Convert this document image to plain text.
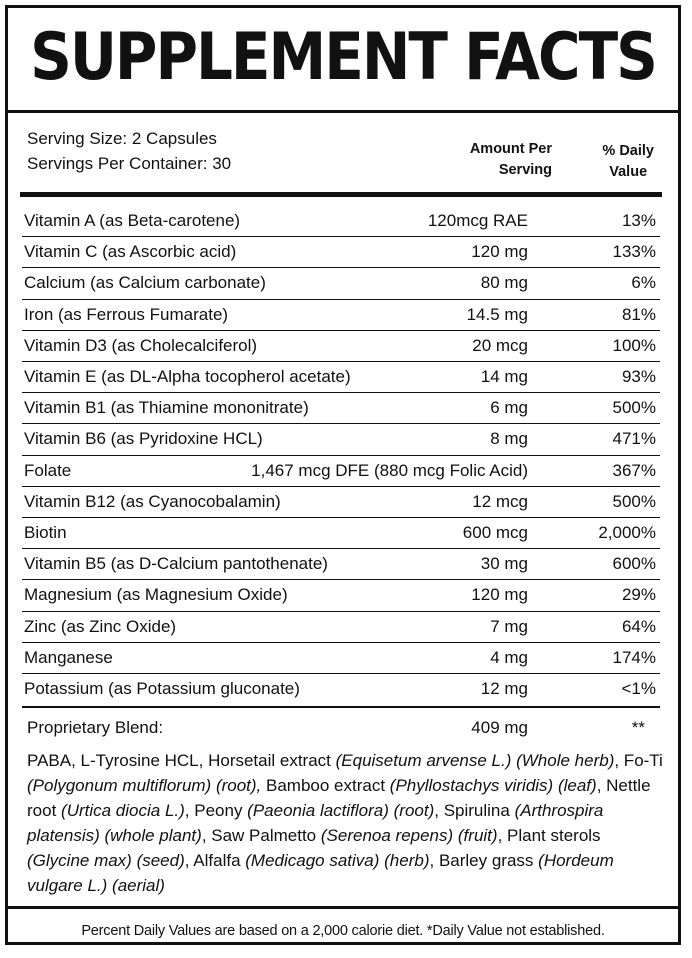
SUPPLEMENT FACTS
Serving Size: 2 Capsules
Servings Per Container: 30
Amount Per
Serving
% Daily
Value
Vitamin A (as Beta-carotene)	120mcg RAE	13%
Vitamin C (as Ascorbic acid)	120 mg	133%
Calcium (as Calcium carbonate)	80 mg	6%
Iron (as Ferrous Fumarate)	14.5 mg	81%
Vitamin D3 (as Cholecalciferol)	20 mcg	100%
Vitamin E (as DL-Alpha tocopherol acetate)	14 mg	93%
Vitamin B1 (as Thiamine mononitrate)	6 mg	500%
Vitamin B6 (as Pyridoxine HCL)	8 mg	471%
Folate	1,467 mcg DFE (880 mcg Folic Acid)	367%
Vitamin B12 (as Cyanocobalamin)	12 mcg	500%
Biotin	600 mcg	2,000%
Vitamin B5 (as D-Calcium pantothenate)	30 mg	600%
Magnesium (as Magnesium Oxide)	120 mg	29%
Zinc (as Zinc Oxide)	7 mg	64%
Manganese	4 mg	174%
Potassium (as Potassium gluconate)	12 mg	<1%
Proprietary Blend:	409 mg	**
PABA, L-Tyrosine HCL, Horsetail extract (Equisetum arvense L.) (Whole herb), Fo-Ti (Polygonum multiflorum) (root), Bamboo extract (Phyllostachys viridis) (leaf), Nettle root (Urtica diocia L.), Peony (Paeonia lactiflora) (root), Spirulina (Arthrospira platensis) (whole plant), Saw Palmetto (Serenoa repens) (fruit), Plant sterols (Glycine max) (seed), Alfalfa (Medicago sativa) (herb), Barley grass (Hordeum vulgare L.) (aerial)
Percent Daily Values are based on a 2,000 calorie diet. *Daily Value not established.
